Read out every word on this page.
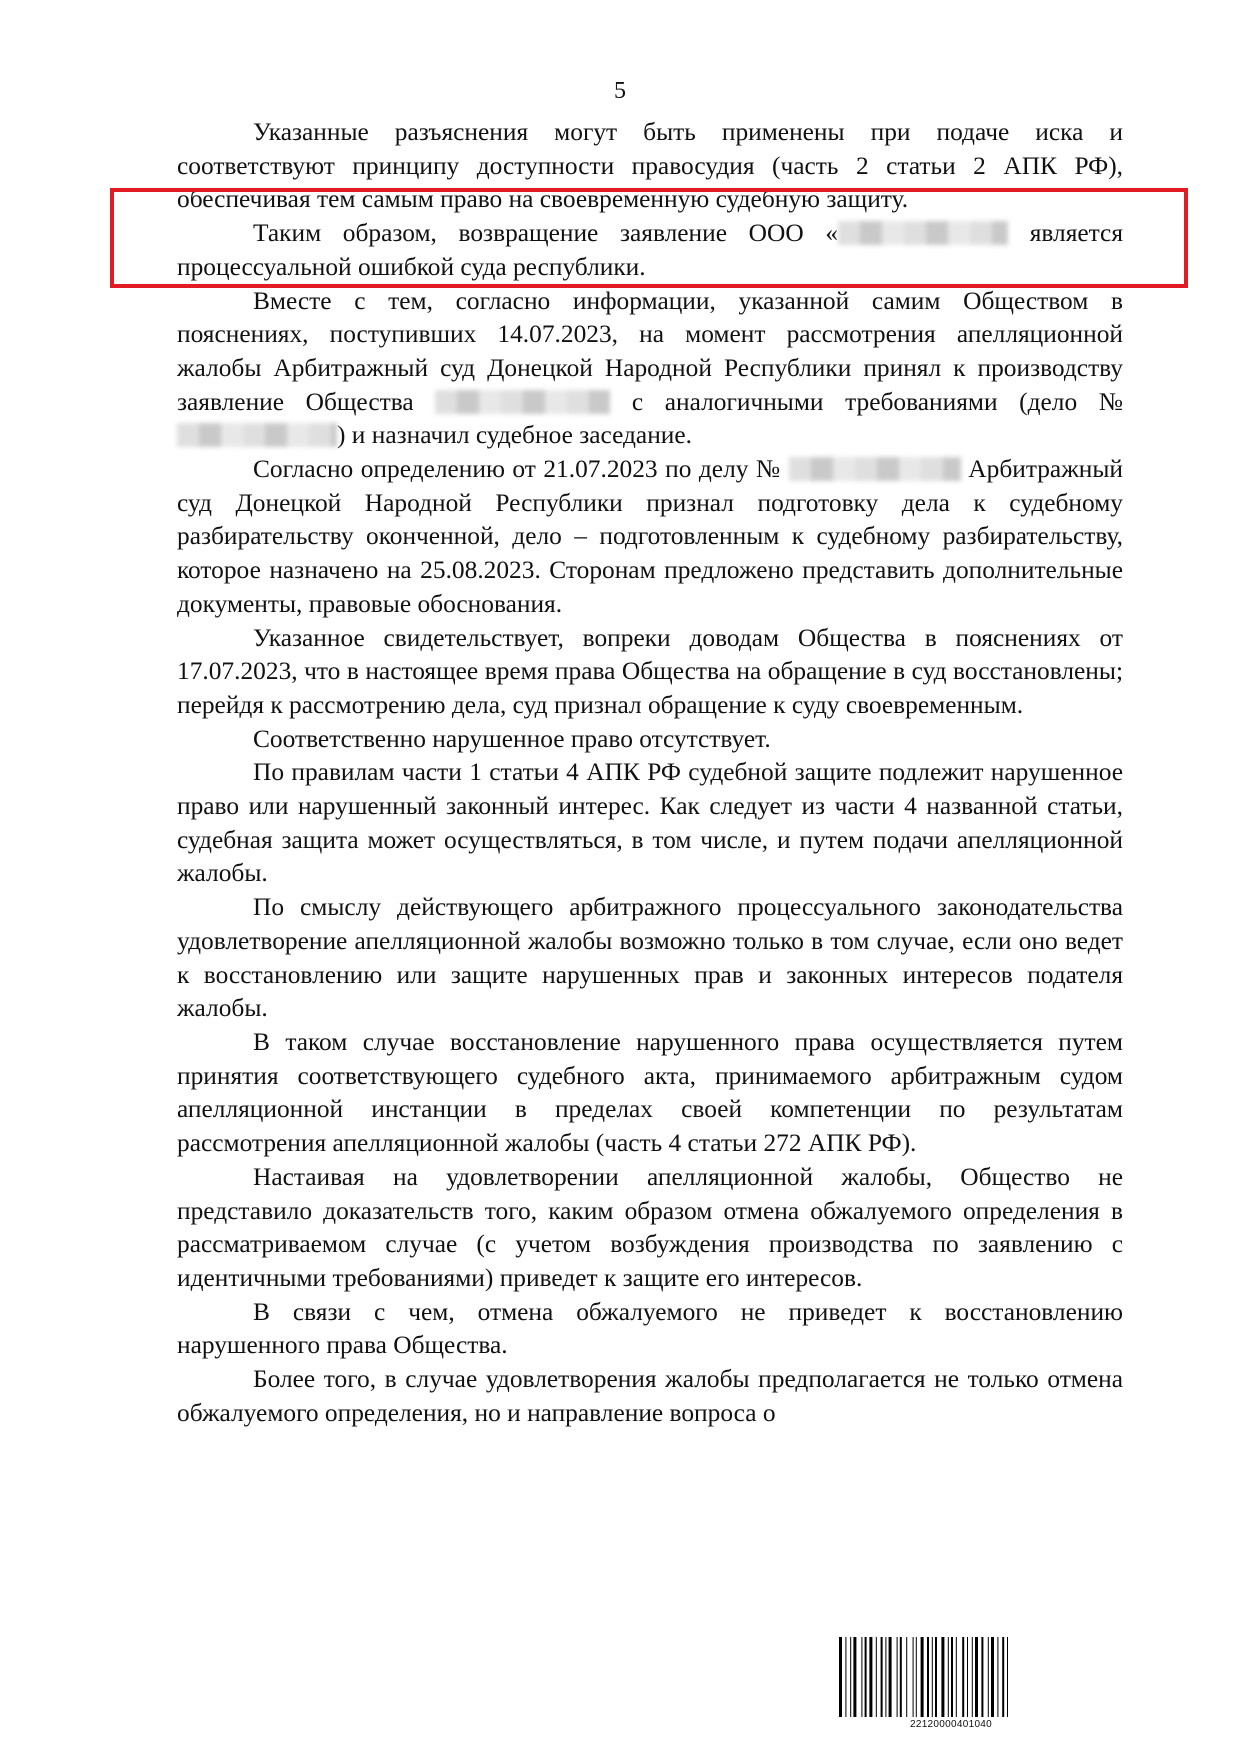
5

Указанные разъяснения могут быть применены при подаче иска и соответствуют принципу доступности правосудия (часть 2 статьи 2 АПК РФ), обеспечивая тем самым право на своевременную судебную защиту.

Таким образом, возвращение заявление ООО «	является процессуальной ошибкой суда республики.

Вместе с тем, согласно информации, указанной самим Обществом в пояснениях, поступивших 14.07.2023, на момент рассмотрения апелляционной жалобы Арбитражный суд Донецкой Народной Республики принял к производству заявление Общества	с аналогичными требованиями (дело № ) и назначил судебное заседание.

Согласно определению от 21.07.2023 по делу №	Арбитражный суд Донецкой Народной Республики признал подготовку дела к судебному разбирательству оконченной, дело – подготовленным к судебному разбирательству, которое назначено на 25.08.2023. Сторонам предложено представить дополнительные документы, правовые обоснования.

Указанное свидетельствует, вопреки доводам Общества в пояснениях от 17.07.2023, что в настоящее время права Общества на обращение в суд восстановлены; перейдя к рассмотрению дела, суд признал обращение к суду своевременным.

Соответственно нарушенное право отсутствует.

По правилам части 1 статьи 4 АПК РФ судебной защите подлежит нарушенное право или нарушенный законный интерес. Как следует из части 4 названной статьи, судебная защита может осуществляться, в том числе, и путем подачи апелляционной жалобы.

По смыслу действующего арбитражного процессуального законодательства удовлетворение апелляционной жалобы возможно только в том случае, если оно ведет к восстановлению или защите нарушенных прав и законных интересов подателя жалобы.

В таком случае восстановление нарушенного права осуществляется путем принятия соответствующего судебного акта, принимаемого арбитражным судом апелляционной инстанции в пределах своей компетенции по результатам рассмотрения апелляционной жалобы (часть 4 статьи 272 АПК РФ).

Настаивая на удовлетворении апелляционной жалобы, Общество не представило доказательств того, каким образом отмена обжалуемого определения в рассматриваемом случае (с учетом возбуждения производства по заявлению с идентичными требованиями) приведет к защите его интересов.

В связи с чем, отмена обжалуемого не приведет к восстановлению нарушенного права Общества.

Более того, в случае удовлетворения жалобы предполагается не только отмена обжалуемого определения, но и направление вопроса о

22120000401040
